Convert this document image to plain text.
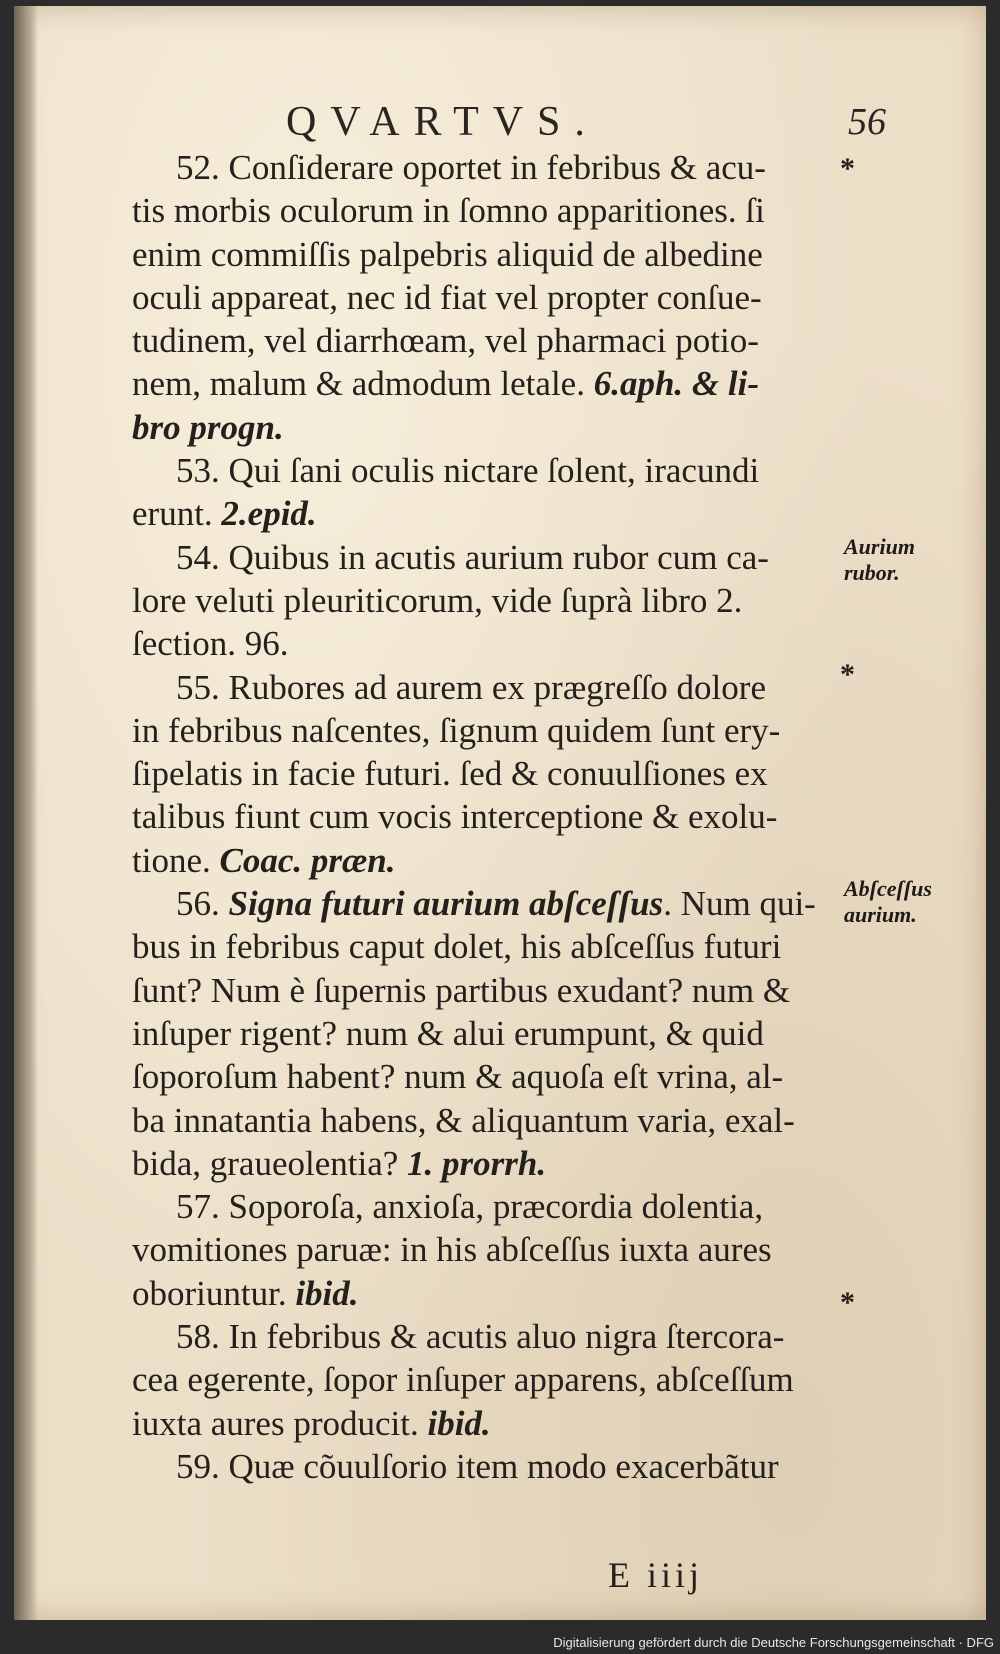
QVARTVS.	56
52. Conſiderare oportet in febribus & acu-
tis morbis oculorum in ſomno apparitiones. ſi
enim commiſſis palpebris aliquid de albedine
oculi appareat, nec id fiat vel propter conſue-
tudinem, vel diarrhœam, vel pharmaci potio-
nem, malum & admodum letale. 6.aph. & li-
bro progn.
53. Qui ſani oculis nictare ſolent, iracundi
erunt. 2.epid.
54. Quibus in acutis aurium rubor cum ca-
lore veluti pleuriticorum, vide ſuprà libro 2.
ſection. 96.
55. Rubores ad aurem ex prægreſſo dolore
in febribus naſcentes, ſignum quidem ſunt ery-
ſipelatis in facie futuri. ſed & conuulſiones ex
talibus fiunt cum vocis interceptione & exolu-
tione. Coac. præn.
56. Signa futuri aurium abſceſſus. Num qui-
bus in febribus caput dolet, his abſceſſus futuri
ſunt? Num è ſupernis partibus exudant? num &
inſuper rigent? num & alui erumpunt, & quid
ſoporoſum habent? num & aquoſa eſt vrina, al-
ba innatantia habens, & aliquantum varia, exal-
bida, graueolentia? 1. prorrh.
57. Soporoſa, anxioſa, præcordia dolentia,
vomitiones paruæ: in his abſceſſus iuxta aures
oboriuntur. ibid.
58. In febribus & acutis aluo nigra ſtercora-
cea egerente, ſopor inſuper apparens, abſceſſum
iuxta aures producit. ibid.
59. Quæ cõuulſorio item modo exacerbãtur
*
Aurium
rubor.
*
Abſceſſus
aurium.
*
E iiij
Digitalisierung gefördert durch die Deutsche Forschungsgemeinschaft · DFG
